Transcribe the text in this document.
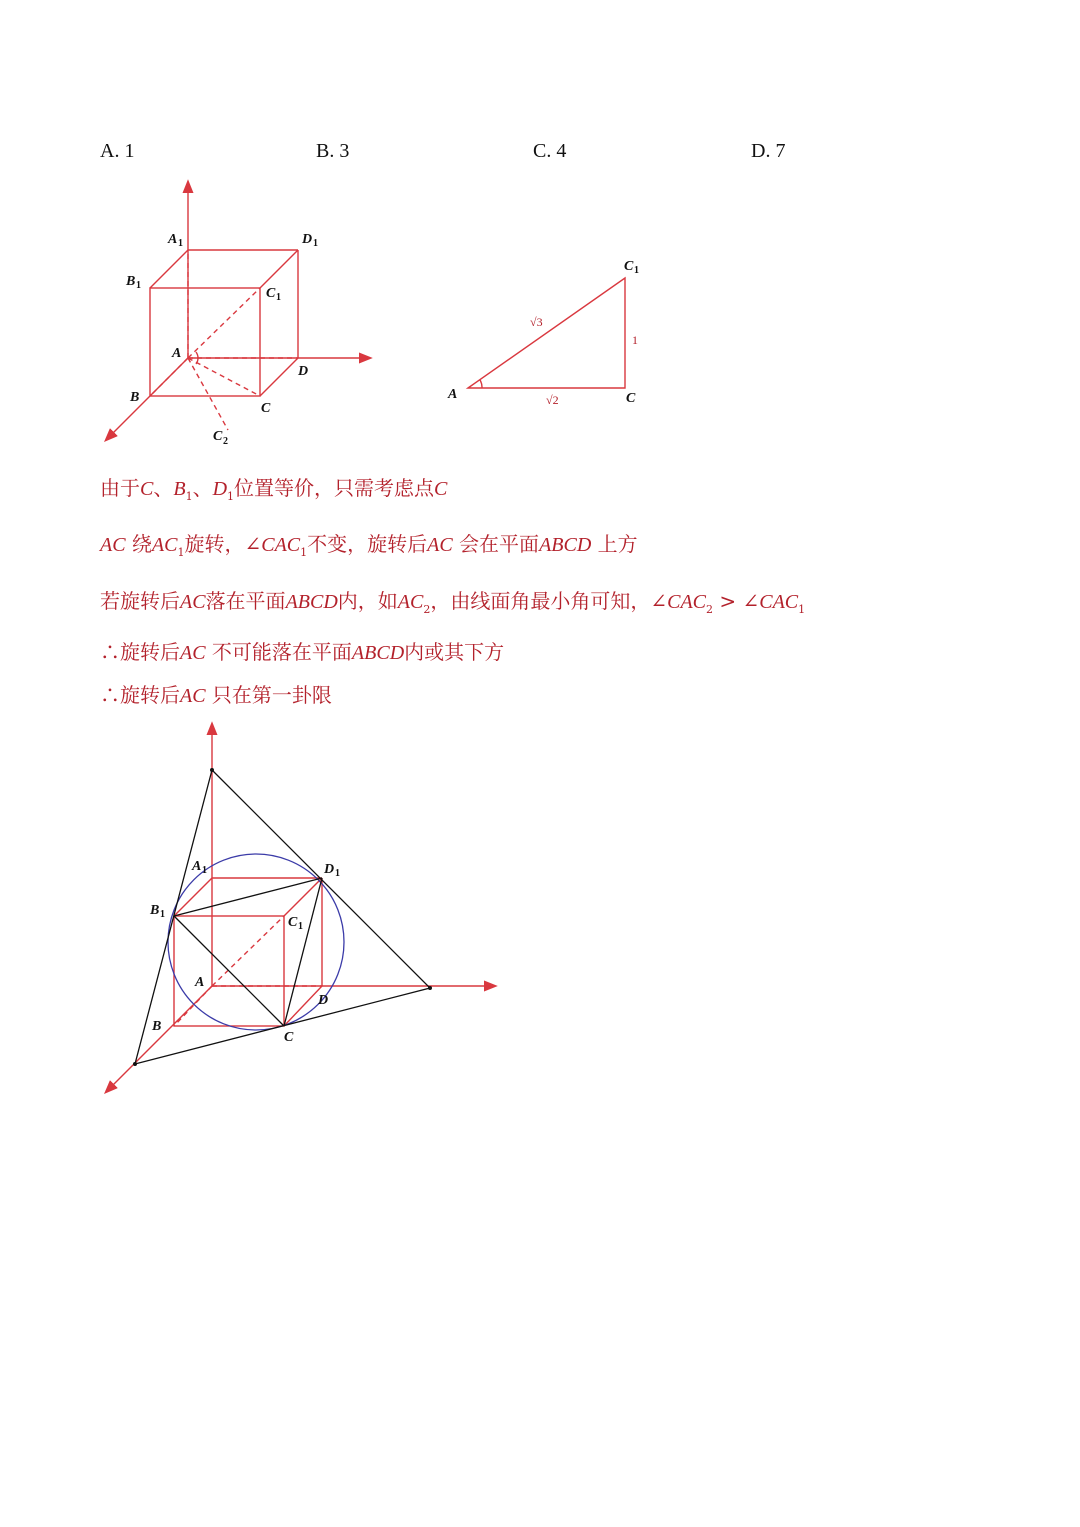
A. 1	B. 3	C. 4	D. 7
A 1	D 1
B 1
C 1
A
D
B
C
C 2
A	C
C 1
√3
1
√2
A 1	D 1
B 1
C 1
A
D
B
C
由于C、$B_1$、$D_1$位置等价，只需考虑点C
AC 绕$AC_1$旋转，$\angle CAC_1$不变，旋转后AC 会在平面ABCD 上方
若旋转后AC落在平面ABCD内，如$AC_2$，由线面角最小角可知，$\angle CAC_2$ > $\angle CAC_1$
∴旋转后AC 不可能落在平面ABCD内或其下方
∴旋转后AC 只在第一卦限
